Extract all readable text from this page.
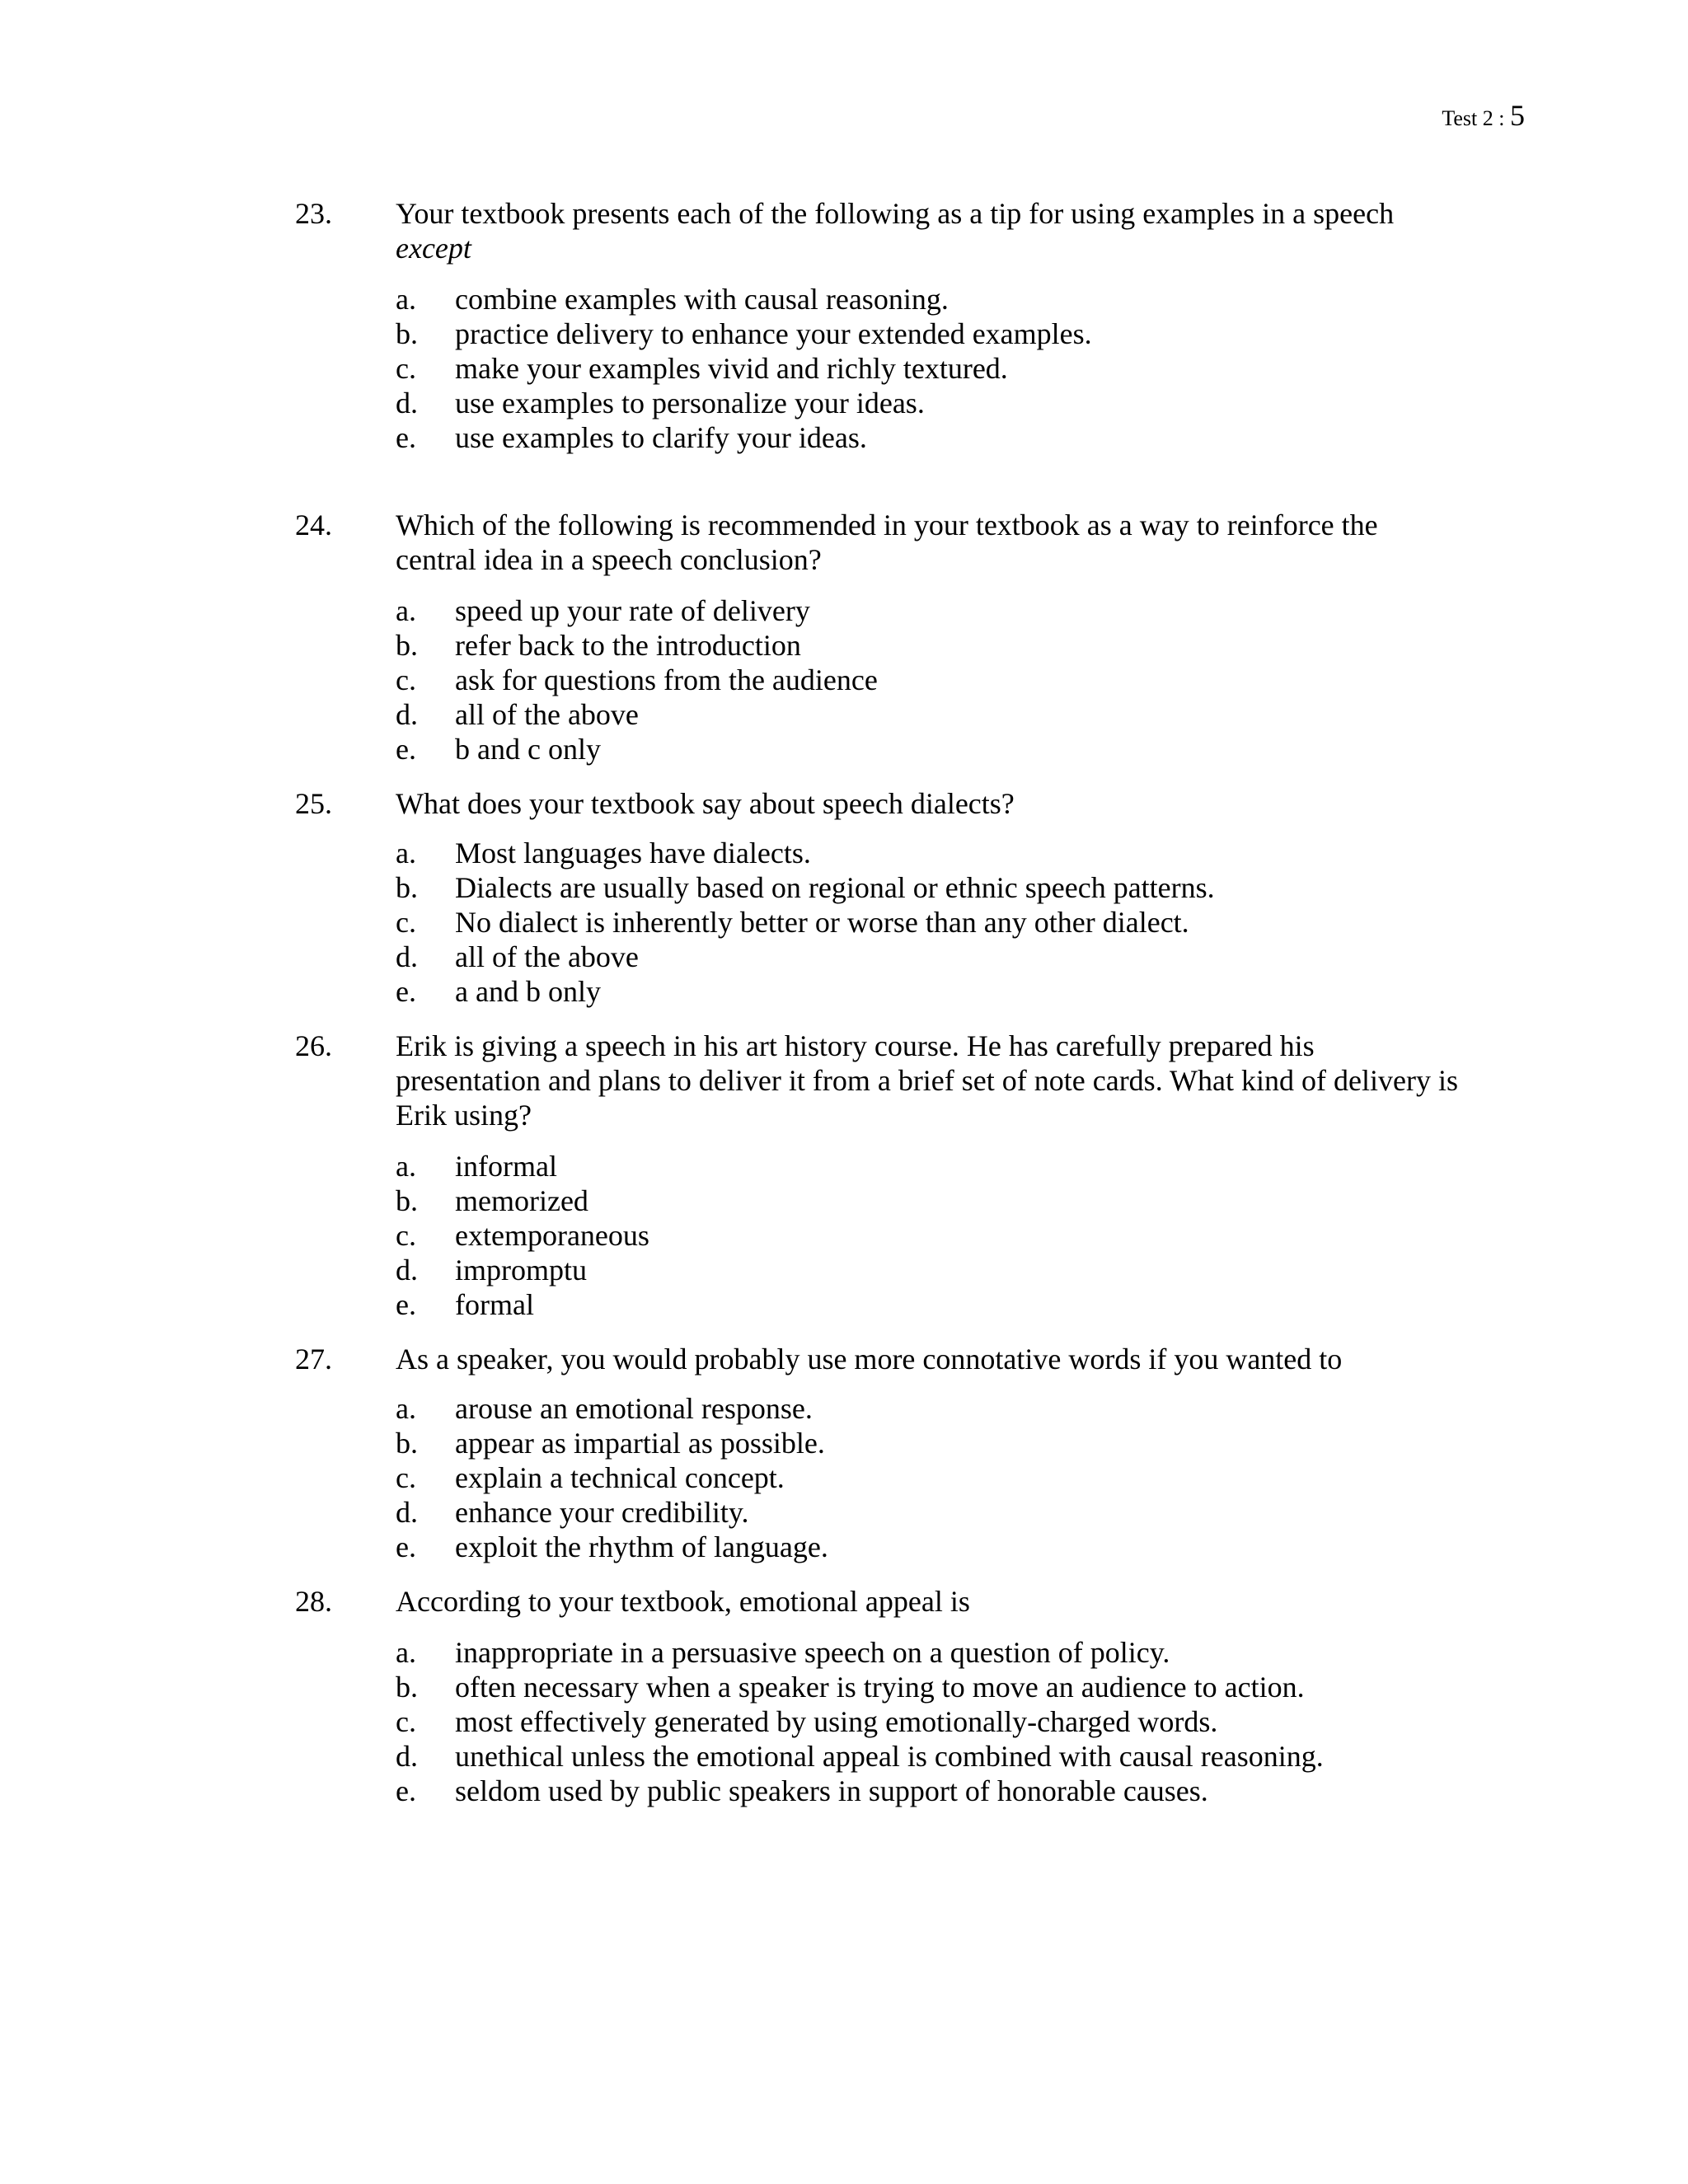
Test 2 : 5
23. Your textbook presents each of the following as a tip for using examples in a speech
except
a. combine examples with causal reasoning.
b. practice delivery to enhance your extended examples.
c. make your examples vivid and richly textured.
d. use examples to personalize your ideas.
e. use examples to clarify your ideas.
24. Which of the following is recommended in your textbook as a way to reinforce the
central idea in a speech conclusion?
a. speed up your rate of delivery
b. refer back to the introduction
c. ask for questions from the audience
d. all of the above
e. b and c only
25. What does your textbook say about speech dialects?
a. Most languages have dialects.
b. Dialects are usually based on regional or ethnic speech patterns.
c. No dialect is inherently better or worse than any other dialect.
d. all of the above
e. a and b only
26. Erik is giving a speech in his art history course. He has carefully prepared his
presentation and plans to deliver it from a brief set of note cards. What kind of delivery is
Erik using?
a. informal
b. memorized
c. extemporaneous
d. impromptu
e. formal
27. As a speaker, you would probably use more connotative words if you wanted to
a. arouse an emotional response.
b. appear as impartial as possible.
c. explain a technical concept.
d. enhance your credibility.
e. exploit the rhythm of language.
28. According to your textbook, emotional appeal is
a. inappropriate in a persuasive speech on a question of policy.
b. often necessary when a speaker is trying to move an audience to action.
c. most effectively generated by using emotionally-charged words.
d. unethical unless the emotional appeal is combined with causal reasoning.
e. seldom used by public speakers in support of honorable causes.
